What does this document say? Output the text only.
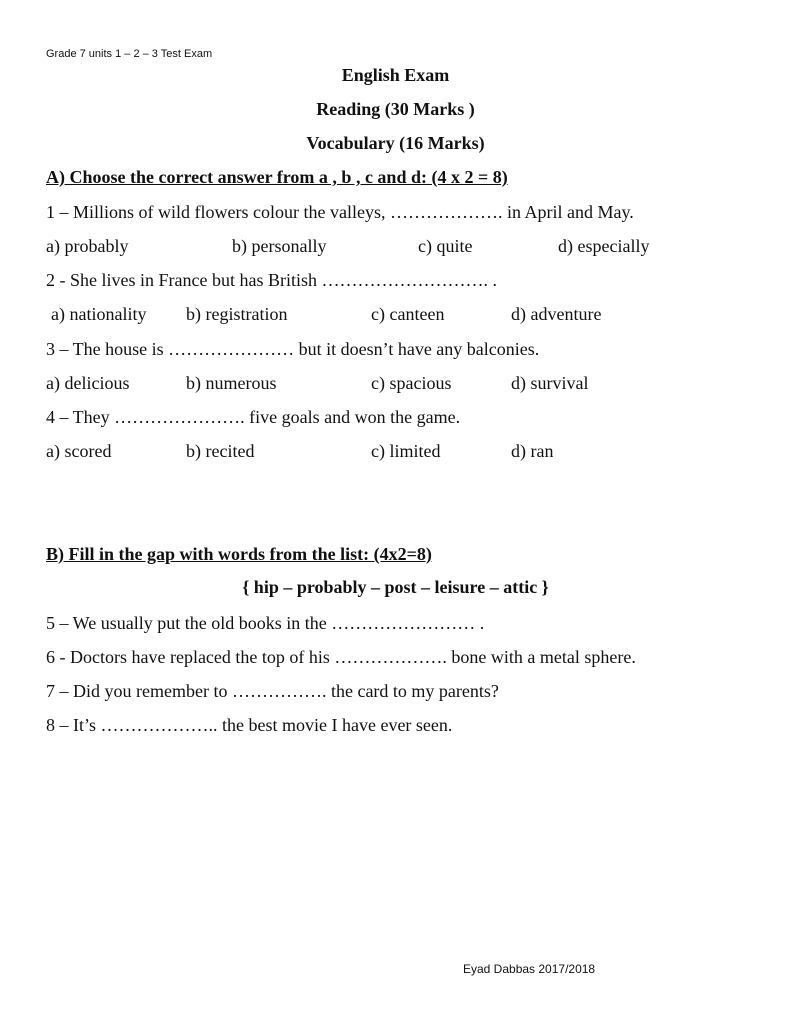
Grade 7 units 1 – 2 – 3 Test Exam
English Exam
Reading (30 Marks )
Vocabulary (16 Marks)
A) Choose the correct answer from a , b , c and d: (4 x 2 = 8)
1 – Millions of wild flowers colour the valleys, ………………. in April and May.
a) probably	b) personally	c) quite	d) especially
2 - She lives in France but has British ………………………. .
a) nationality b) registration	c) canteen	d) adventure
3 – The house is ………………… but it doesn’t have any balconies.
a) delicious	b) numerous	c) spacious	d) survival
4 – They …………………. five goals and won the game.
a) scored	b) recited	c) limited	d) ran
B) Fill in the gap with words from the list: (4x2=8)
{ hip – probably – post – leisure – attic }
5 – We usually put the old books in the …………………… .
6 - Doctors have replaced the top of his ………………. bone with a metal sphere.
7 – Did you remember to ……………. the card to my parents?
8 – It’s ……………….. the best movie I have ever seen.
Eyad Dabbas 2017/2018
